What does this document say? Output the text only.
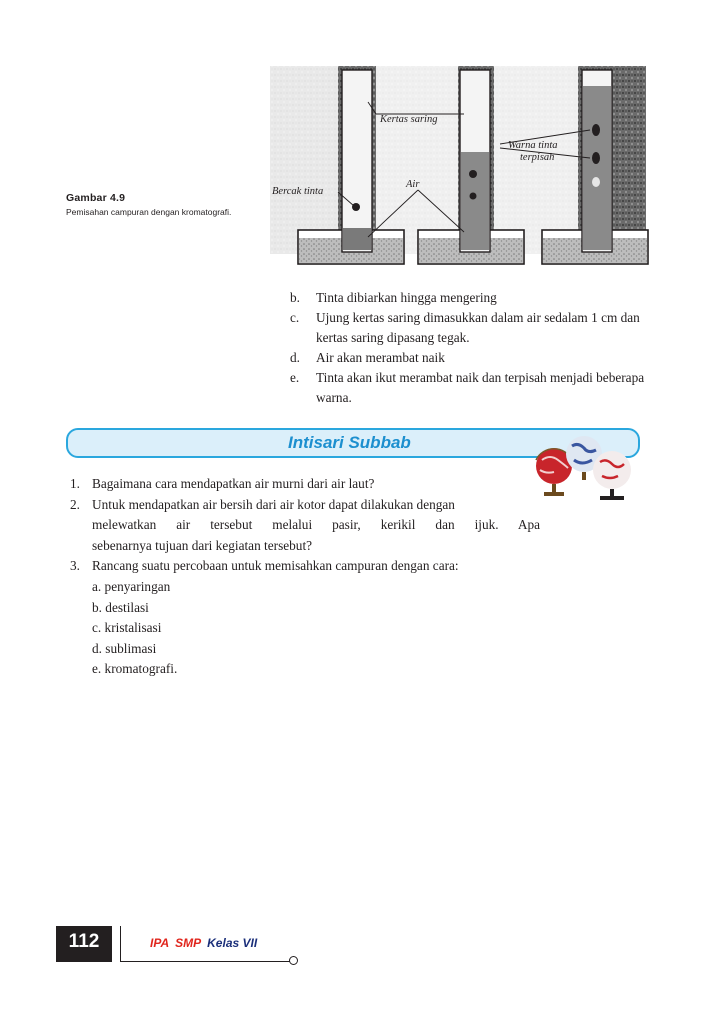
Gambar 4.9
Pemisahan campuran dengan kromatografi.
Kertas saring
Warna tinta
terpisah
Air
Bercak tinta
b. Tinta dibiarkan hingga mengering
c. Ujung kertas saring dimasukkan dalam air sedalam 1 cm dan kertas saring dipasang tegak.
d. Air akan merambat naik
e. Tinta akan ikut merambat naik dan terpisah menjadi beberapa warna.
Intisari Subbab
1. Bagaimana cara mendapatkan air murni dari air laut?
2. Untuk mendapatkan air bersih dari air kotor dapat dilakukan dengan
melewatkan air tersebut melalui pasir, kerikil dan ijuk. Apa
sebenarnya tujuan dari kegiatan tersebut?
3. Rancang suatu percobaan untuk memisahkan campuran dengan cara:
a. penyaringan
b. destilasi
c. kristalisasi
d. sublimasi
e. kromatografi.
112	IPA SMP Kelas VII
